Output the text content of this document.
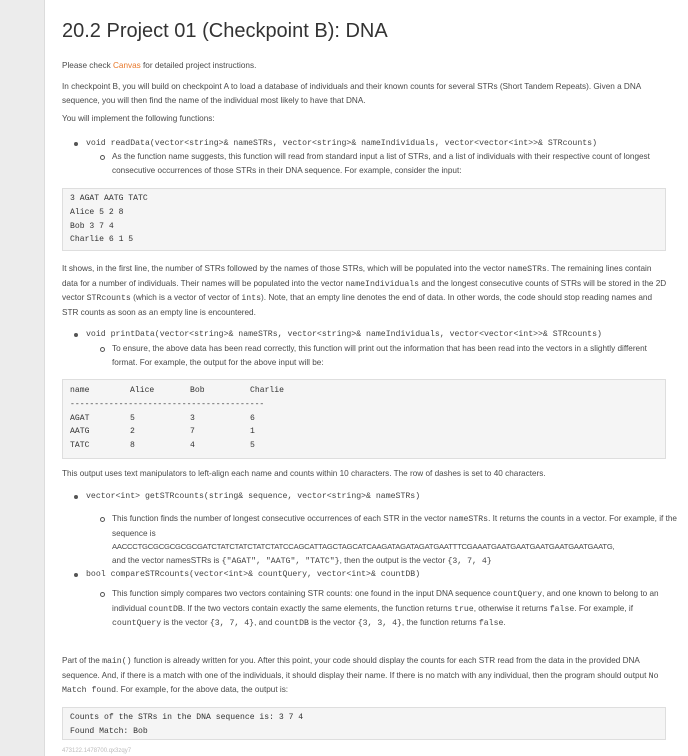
20.2 Project 01 (Checkpoint B): DNA
Please check Canvas for detailed project instructions.
In checkpoint B, you will build on checkpoint A to load a database of individuals and their known counts for several STRs (Short Tandem Repeats). Given a DNA sequence, you will then find the name of the individual most likely to have that DNA.
You will implement the following functions:
void readData(vector<string>& nameSTRs, vector<string>& nameIndividuals, vector<vector<int>>& STRcounts)
As the function name suggests, this function will read from standard input a list of STRs, and a list of individuals with their respective count of longest consecutive occurrences of those STRs in their DNA sequence. For example, consider the input:
3 AGAT AATG TATC
Alice 5 2 8
Bob 3 7 4
Charlie 6 1 5
It shows, in the first line, the number of STRs followed by the names of those STRs, which will be populated into the vector nameSTRs. The remaining lines contain data for a number of individuals. Their names will be populated into the vector nameIndividuals and the longest consecutive counts of STRs will be stored in the 2D vector STRcounts (which is a vector of vector of ints). Note, that an empty line denotes the end of data. In other words, the code should stop reading names and STR counts as soon as an empty line is encountered.
void printData(vector<string>& nameSTRs, vector<string>& nameIndividuals, vector<vector<int>>& STRcounts)
To ensure, the above data has been read correctly, this function will print out the information that has been read into the vectors in a slightly different format. For example, the output for the above input will be:
name	Alice	Bob	Charlie
----------------------------------------			
AGAT	5	3	6
AATG	2	7	1
TATC	8	4	5
This output uses text manipulators to left-align each name and counts within 10 characters. The row of dashes is set to 40 characters.
vector<int> getSTRcounts(string& sequence, vector<string>& nameSTRs)
This function finds the number of longest consecutive occurrences of each STR in the vector nameSTRs. It returns the counts in a vector. For example, if the sequence is
AACCCTGCGCGCGCGCGATCTATCTATCTATCTATCCAGCATTAGCTAGCATCAAGATAGATAGATGAATTTCGAAATGAATGAATGAATGAATGAATGAATG,
and the vector namesSTRs is {"AGAT", "AATG", "TATC"}, then the output is the vector {3, 7, 4}
bool compareSTRcounts(vector<int>& countQuery, vector<int>& countDB)
This function simply compares two vectors containing STR counts: one found in the input DNA sequence countQuery, and one known to belong to an individual countDB. If the two vectors contain exactly the same elements, the function returns true, otherwise it returns false. For example, if countQuery is the vector {3, 7, 4}, and countDB is the vector {3, 3, 4}, the function returns false.
Part of the main() function is already written for you. After this point, your code should display the counts for each STR read from the data in the provided DNA sequence. And, if there is a match with one of the individuals, it should display their name. If there is no match with any individual, then the program should output No Match found. For example, for the above data, the output is:
Counts of the STRs in the DNA sequence is: 3 7 4
Found Match: Bob
473122.1478700.qx3zqy7
